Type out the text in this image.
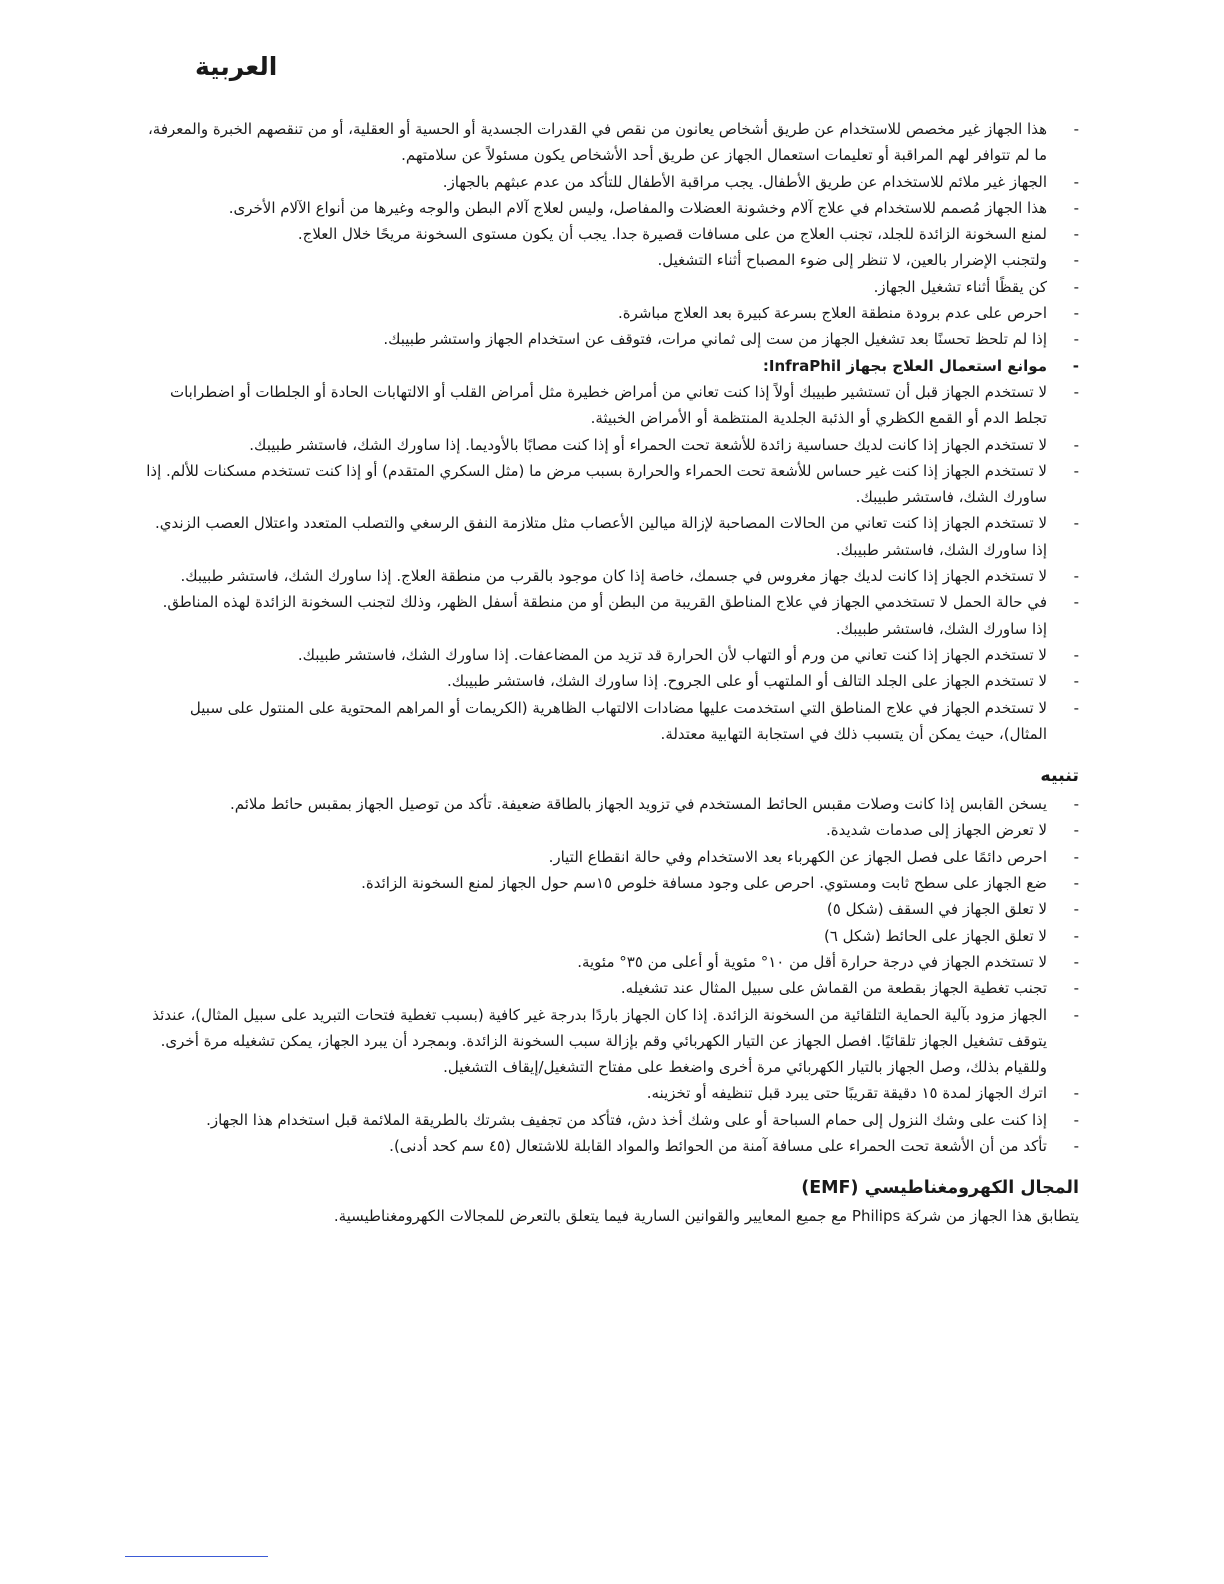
العربية
- هذا الجهاز غير مخصص للاستخدام عن طريق أشخاص يعانون من نقص في القدرات الجسدية أو الحسية أو العقلية، أو من تنقصهم الخبرة والمعرفة، ما لم تتوافر لهم المراقبة أو تعليمات استعمال الجهاز عن طريق أحد الأشخاص يكون مسئولاً عن سلامتهم.
- الجهاز غير ملائم للاستخدام عن طريق الأطفال. يجب مراقبة الأطفال للتأكد من عدم عبثهم بالجهاز.
- هذا الجهاز مُصمم للاستخدام في علاج آلام وخشونة العضلات والمفاصل، وليس لعلاج آلام البطن والوجه وغيرها من أنواع الآلام الأخرى.
- لمنع السخونة الزائدة للجلد، تجنب العلاج من على مسافات قصيرة جدا. يجب أن يكون مستوى السخونة مريحًا خلال العلاج.
- ولتجنب الإضرار بالعين، لا تنظر إلى ضوء المصباح أثناء التشغيل.
- كن يقظًا أثناء تشغيل الجهاز.
- احرص على عدم برودة منطقة العلاج بسرعة كبيرة بعد العلاج مباشرة.
- إذا لم تلحظ تحسنًا بعد تشغيل الجهاز من ست إلى ثماني مرات، فتوقف عن استخدام الجهاز واستشر طبيبك.
- موانع استعمال العلاج بجهاز InfraPhil:
- لا تستخدم الجهاز قبل أن تستشير طبيبك أولاً إذا كنت تعاني من أمراض خطيرة مثل أمراض القلب أو الالتهابات الحادة أو الجلطات أو اضطرابات تجلط الدم أو القمع الكظري أو الذئبة الجلدية المنتظمة أو الأمراض الخبيثة.
- لا تستخدم الجهاز إذا كانت لديك حساسية زائدة للأشعة تحت الحمراء أو إذا كنت مصابًا بالأوديما. إذا ساورك الشك، فاستشر طبيبك.
- لا تستخدم الجهاز إذا كنت غير حساس للأشعة تحت الحمراء والحرارة بسبب مرض ما (مثل السكري المتقدم) أو إذا كنت تستخدم مسكنات للألم. إذا ساورك الشك، فاستشر طبيبك.
- لا تستخدم الجهاز إذا كنت تعاني من الحالات المصاحبة لإزالة ميالين الأعصاب مثل متلازمة النفق الرسغي والتصلب المتعدد واعتلال العصب الزندي. إذا ساورك الشك، فاستشر طبيبك.
- لا تستخدم الجهاز إذا كانت لديك جهاز مغروس في جسمك، خاصة إذا كان موجود بالقرب من منطقة العلاج. إذا ساورك الشك، فاستشر طبيبك.
- في حالة الحمل لا تستخدمي الجهاز في علاج المناطق القريبة من البطن أو من منطقة أسفل الظهر، وذلك لتجنب السخونة الزائدة لهذه المناطق. إذا ساورك الشك، فاستشر طبيبك.
- لا تستخدم الجهاز إذا كنت تعاني من ورم أو التهاب لأن الحرارة قد تزيد من المضاعفات. إذا ساورك الشك، فاستشر طبيبك.
- لا تستخدم الجهاز على الجلد التالف أو الملتهب أو على الجروح. إذا ساورك الشك، فاستشر طبيبك.
- لا تستخدم الجهاز في علاج المناطق التي استخدمت عليها مضادات الالتهاب الظاهرية (الكريمات أو المراهم المحتوية على المنتول على سبيل المثال)، حيث يمكن أن يتسبب ذلك في استجابة التهابية معتدلة.
تنبيه
- يسخن القابس إذا كانت وصلات مقبس الحائط المستخدم في تزويد الجهاز بالطاقة ضعيفة. تأكد من توصيل الجهاز بمقبس حائط ملائم.
- لا تعرض الجهاز إلى صدمات شديدة.
- احرص دائمًا على فصل الجهاز عن الكهرباء بعد الاستخدام وفي حالة انقطاع التيار.
- ضع الجهاز على سطح ثابت ومستوي. احرص على وجود مسافة خلوص ١٥سم حول الجهاز لمنع السخونة الزائدة.
- لا تعلق الجهاز في السقف (شكل ٥)
- لا تعلق الجهاز على الحائط (شكل ٦)
- لا تستخدم الجهاز في درجة حرارة أقل من ١٠° مئوية أو أعلى من ٣٥° مئوية.
- تجنب تغطية الجهاز بقطعة من القماش على سبيل المثال عند تشغيله.
- الجهاز مزود بآلية الحماية التلقائية من السخونة الزائدة. إذا كان الجهاز باردًا بدرجة غير كافية (بسبب تغطية فتحات التبريد على سبيل المثال)، عندئذ يتوقف تشغيل الجهاز تلقائيًا. افصل الجهاز عن التيار الكهربائي وقم بإزالة سبب السخونة الزائدة. وبمجرد أن يبرد الجهاز، يمكن تشغيله مرة أخرى. وللقيام بذلك، وصل الجهاز بالتيار الكهربائي مرة أخرى واضغط على مفتاح التشغيل/إيقاف التشغيل.
- اترك الجهاز لمدة ١٥ دقيقة تقريبًا حتى يبرد قبل تنظيفه أو تخزينه.
- إذا كنت على وشك النزول إلى حمام السباحة أو على وشك أخذ دش، فتأكد من تجفيف بشرتك بالطريقة الملائمة قبل استخدام هذا الجهاز.
- تأكد من أن الأشعة تحت الحمراء على مسافة آمنة من الحوائط والمواد القابلة للاشتعال (٤٥ سم كحد أدنى).
المجال الكهرومغناطيسي (EMF)

يتطابق هذا الجهاز من شركة Philips مع جميع المعايير والقوانين السارية فيما يتعلق بالتعرض للمجالات الكهرومغناطيسية.
